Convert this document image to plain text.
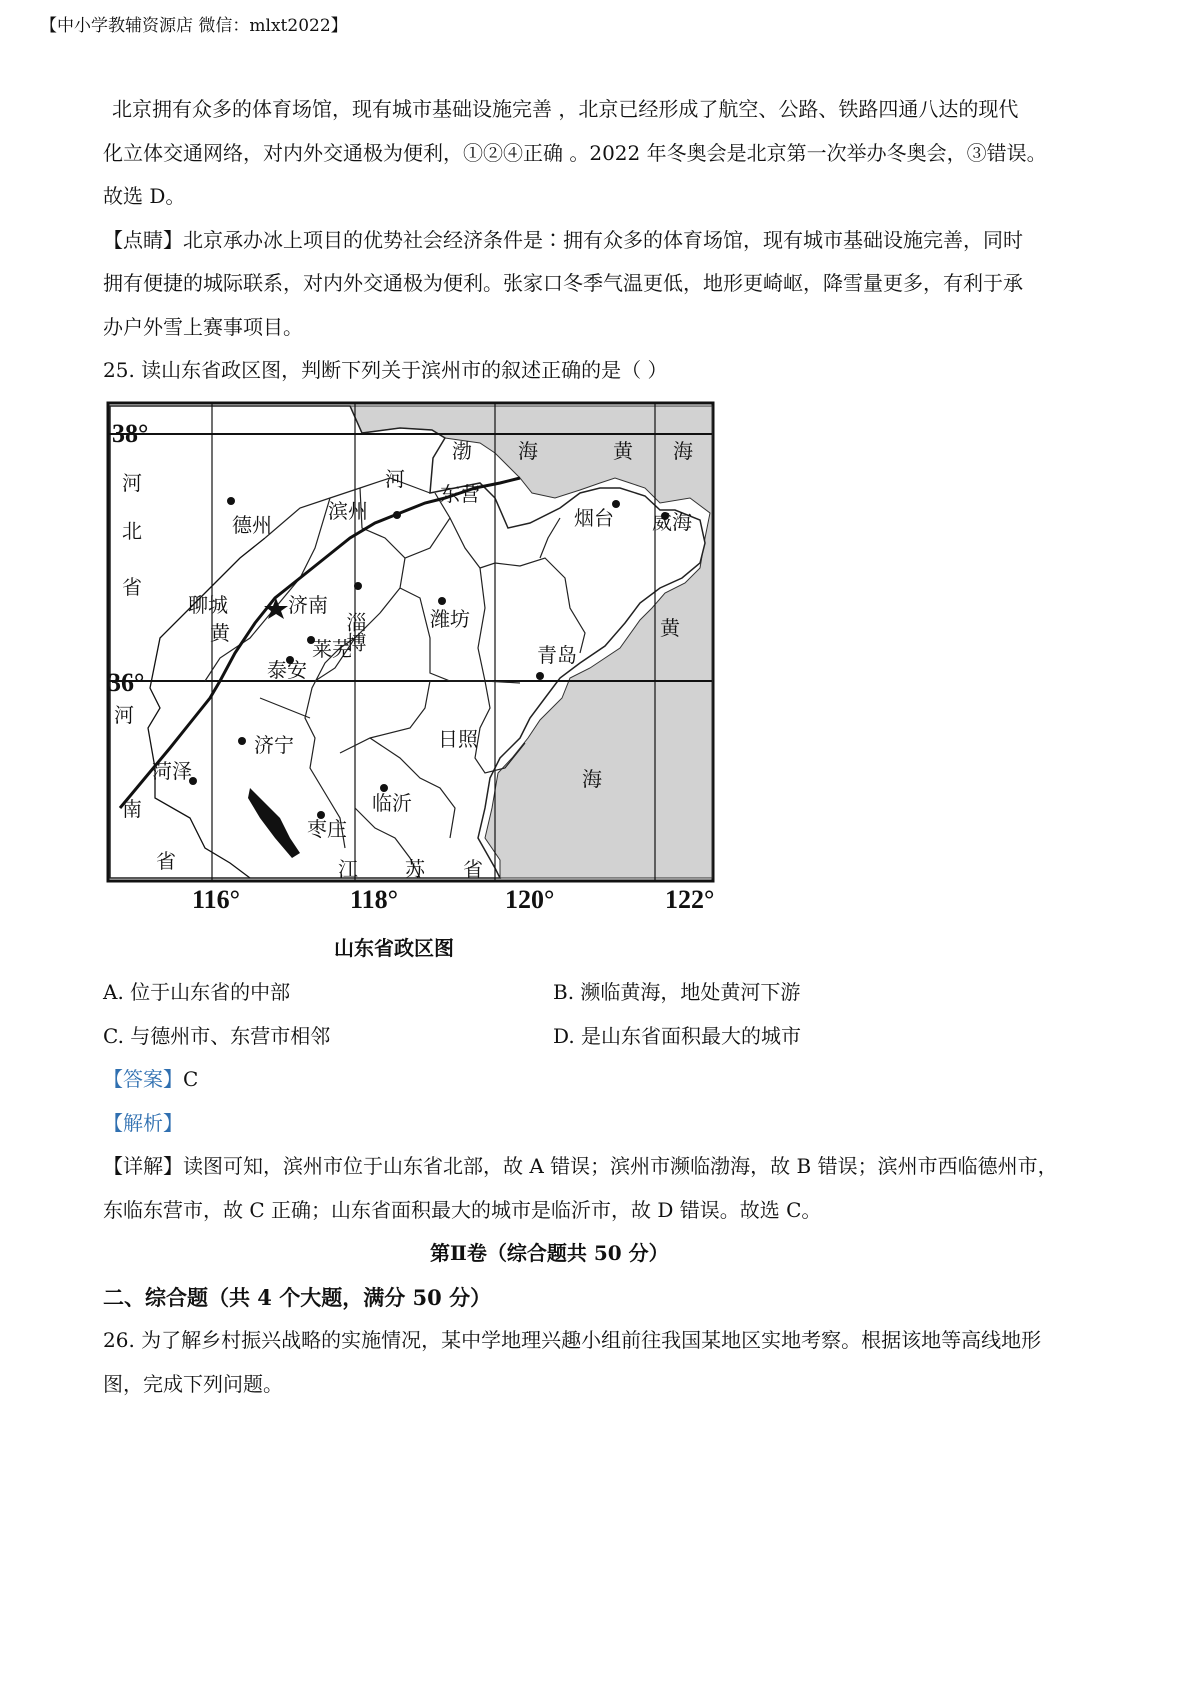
【中小学教辅资源店 微信：mlxt2022】
北京拥有众多的体育场馆，现有城市基础设施完善 ，北京已经形成了航空、公路、铁路四通八达的现代
化立体交通网络，对内外交通极为便利，①②④正确 。2022 年冬奥会是北京第一次举办冬奥会，③错误。
故选 D。
【点睛】北京承办冰上项目的优势社会经济条件是∶拥有众多的体育场馆，现有城市基础设施完善，同时
拥有便捷的城际联系，对内外交通极为便利。张家口冬季气温更低，地形更崎岖，降雪量更多，有利于承
办户外雪上赛事项目。
25. 读山东省政区图，判断下列关于滨州市的叙述正确的是（ ）
38°
36°
116°	118°	120°	122°
渤 海	黄 海
黄
海
河
北
省
河
南
省	江 苏 省
河
黄
德州
滨州
东营
烟台 威海
聊城	济南
淄博	潍坊
莱芜
泰安
青岛
日照
济宁
菏泽
临沂
枣庄
山东省政区图
A. 位于山东省的中部	B. 濒临黄海，地处黄河下游
C. 与德州市、东营市相邻	D. 是山东省面积最大的城市
【答案】C
【解析】
【详解】读图可知，滨州市位于山东省北部，故 A 错误；滨州市濒临渤海，故 B 错误；滨州市西临德州市，
东临东营市，故 C 正确；山东省面积最大的城市是临沂市，故 D 错误。故选 C。
第Ⅱ卷（综合题共 50 分）
二、综合题（共 4 个大题，满分 50 分）
26. 为了解乡村振兴战略的实施情况，某中学地理兴趣小组前往我国某地区实地考察。根据该地等高线地形
图，完成下列问题。
